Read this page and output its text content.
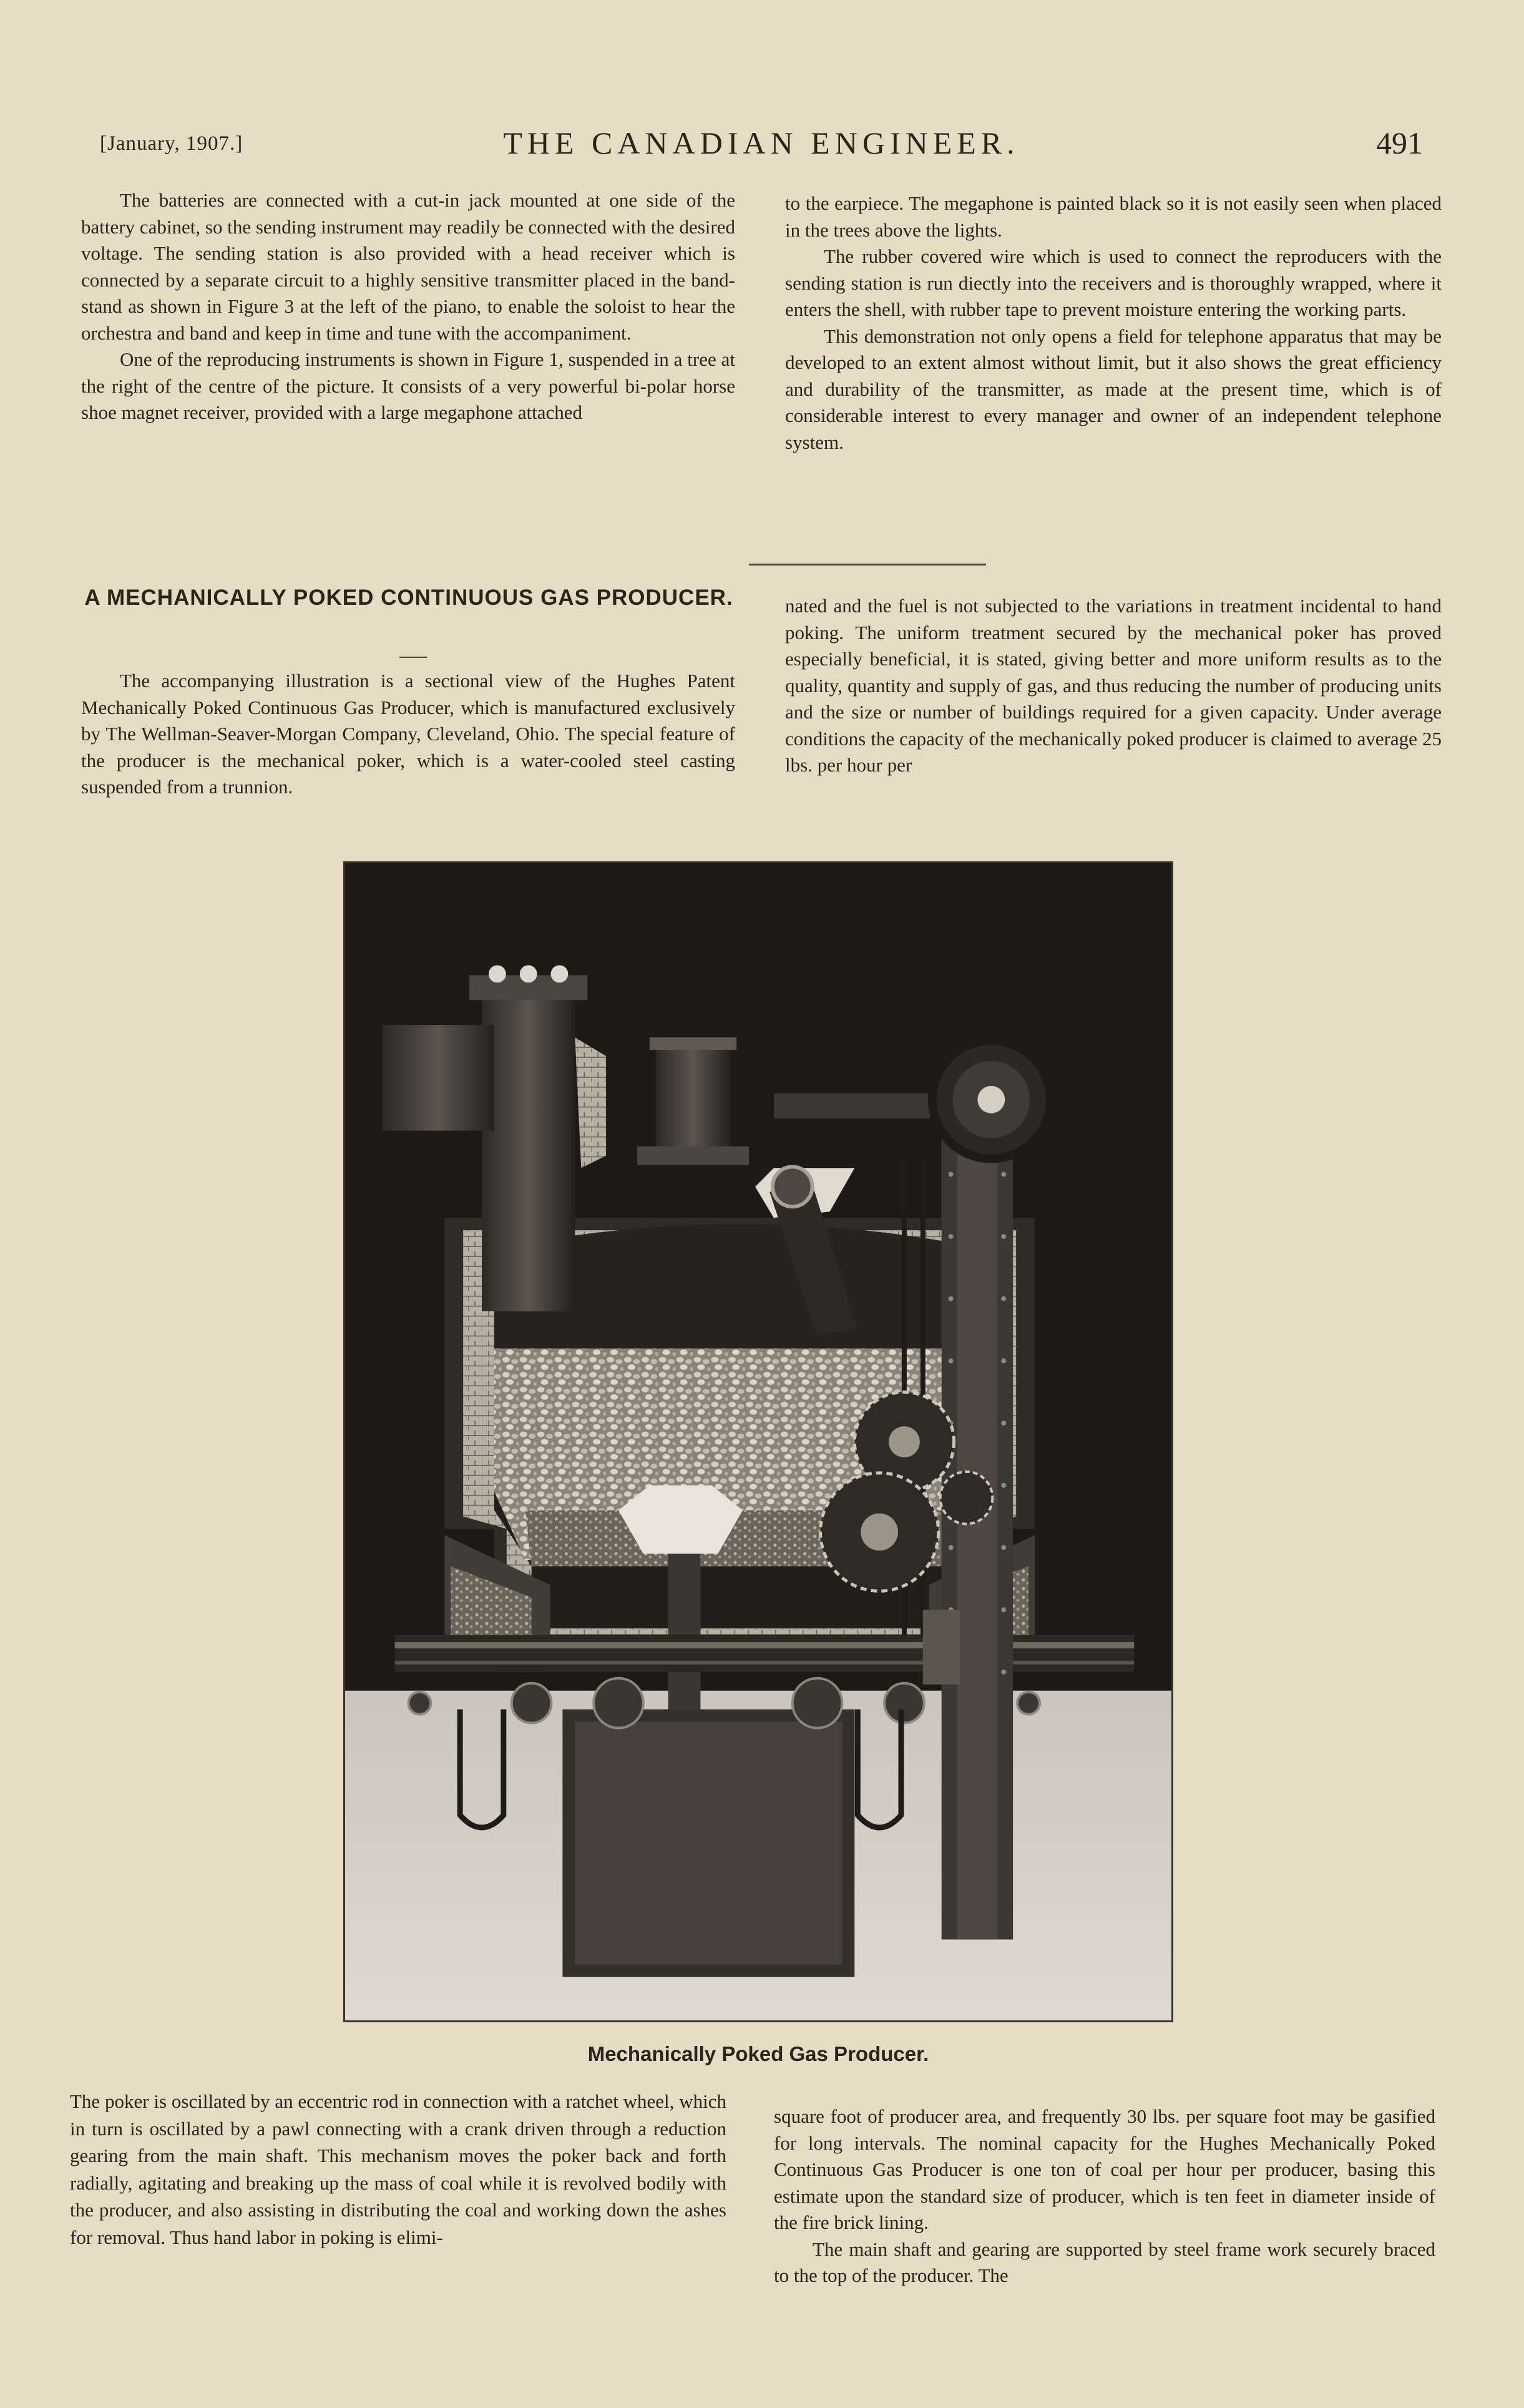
[January, 1907.]	THE CANADIAN ENGINEER.	491

The batteries are connected with a cut-in jack mounted at one side of the battery cabinet, so the sending instrument may readily be connected with the desired voltage. The sending station is also provided with a head receiver which is connected by a separate circuit to a highly sensitive transmitter placed in the band-stand as shown in Figure 3 at the left of the piano, to enable the soloist to hear the orchestra and band and keep in time and tune with the accompaniment.

One of the reproducing instruments is shown in Figure 1, suspended in a tree at the right of the centre of the picture. It consists of a very powerful bi-polar horse shoe magnet receiver, provided with a large megaphone attached

to the earpiece. The megaphone is painted black so it is not easily seen when placed in the trees above the lights.

The rubber covered wire which is used to connect the reproducers with the sending station is run diectly into the receivers and is thoroughly wrapped, where it enters the shell, with rubber tape to prevent moisture entering the working parts.

This demonstration not only opens a field for telephone apparatus that may be developed to an extent almost without limit, but it also shows the great efficiency and durability of the transmitter, as made at the present time, which is of considerable interest to every manager and owner of an independent telephone system.

A MECHANICALLY POKED CONTINUOUS GAS PRODUCER.

The accompanying illustration is a sectional view of the Hughes Patent Mechanically Poked Continuous Gas Producer, which is manufactured exclusively by The Wellman-Seaver-Morgan Company, Cleveland, Ohio. The special feature of the producer is the mechanical poker, which is a water-cooled steel casting suspended from a trunnion.

nated and the fuel is not subjected to the variations in treatment incidental to hand poking. The uniform treatment secured by the mechanical poker has proved especially beneficial, it is stated, giving better and more uniform results as to the quality, quantity and supply of gas, and thus reducing the number of producing units and the size or number of buildings required for a given capacity. Under average conditions the capacity of the mechanically poked producer is claimed to average 25 lbs. per hour per

Mechanically Poked Gas Producer.

The poker is oscillated by an eccentric rod in connection with a ratchet wheel, which in turn is oscillated by a pawl connecting with a crank driven through a reduction gearing from the main shaft. This mechanism moves the poker back and forth radially, agitating and breaking up the mass of coal while it is revolved bodily with the producer, and also assisting in distributing the coal and working down the ashes for removal. Thus hand labor in poking is elimi-

square foot of producer area, and frequently 30 lbs. per square foot may be gasified for long intervals. The nominal capacity for the Hughes Mechanically Poked Continuous Gas Producer is one ton of coal per hour per producer, basing this estimate upon the standard size of producer, which is ten feet in diameter inside of the fire brick lining.

The main shaft and gearing are supported by steel frame work securely braced to the top of the producer. The
